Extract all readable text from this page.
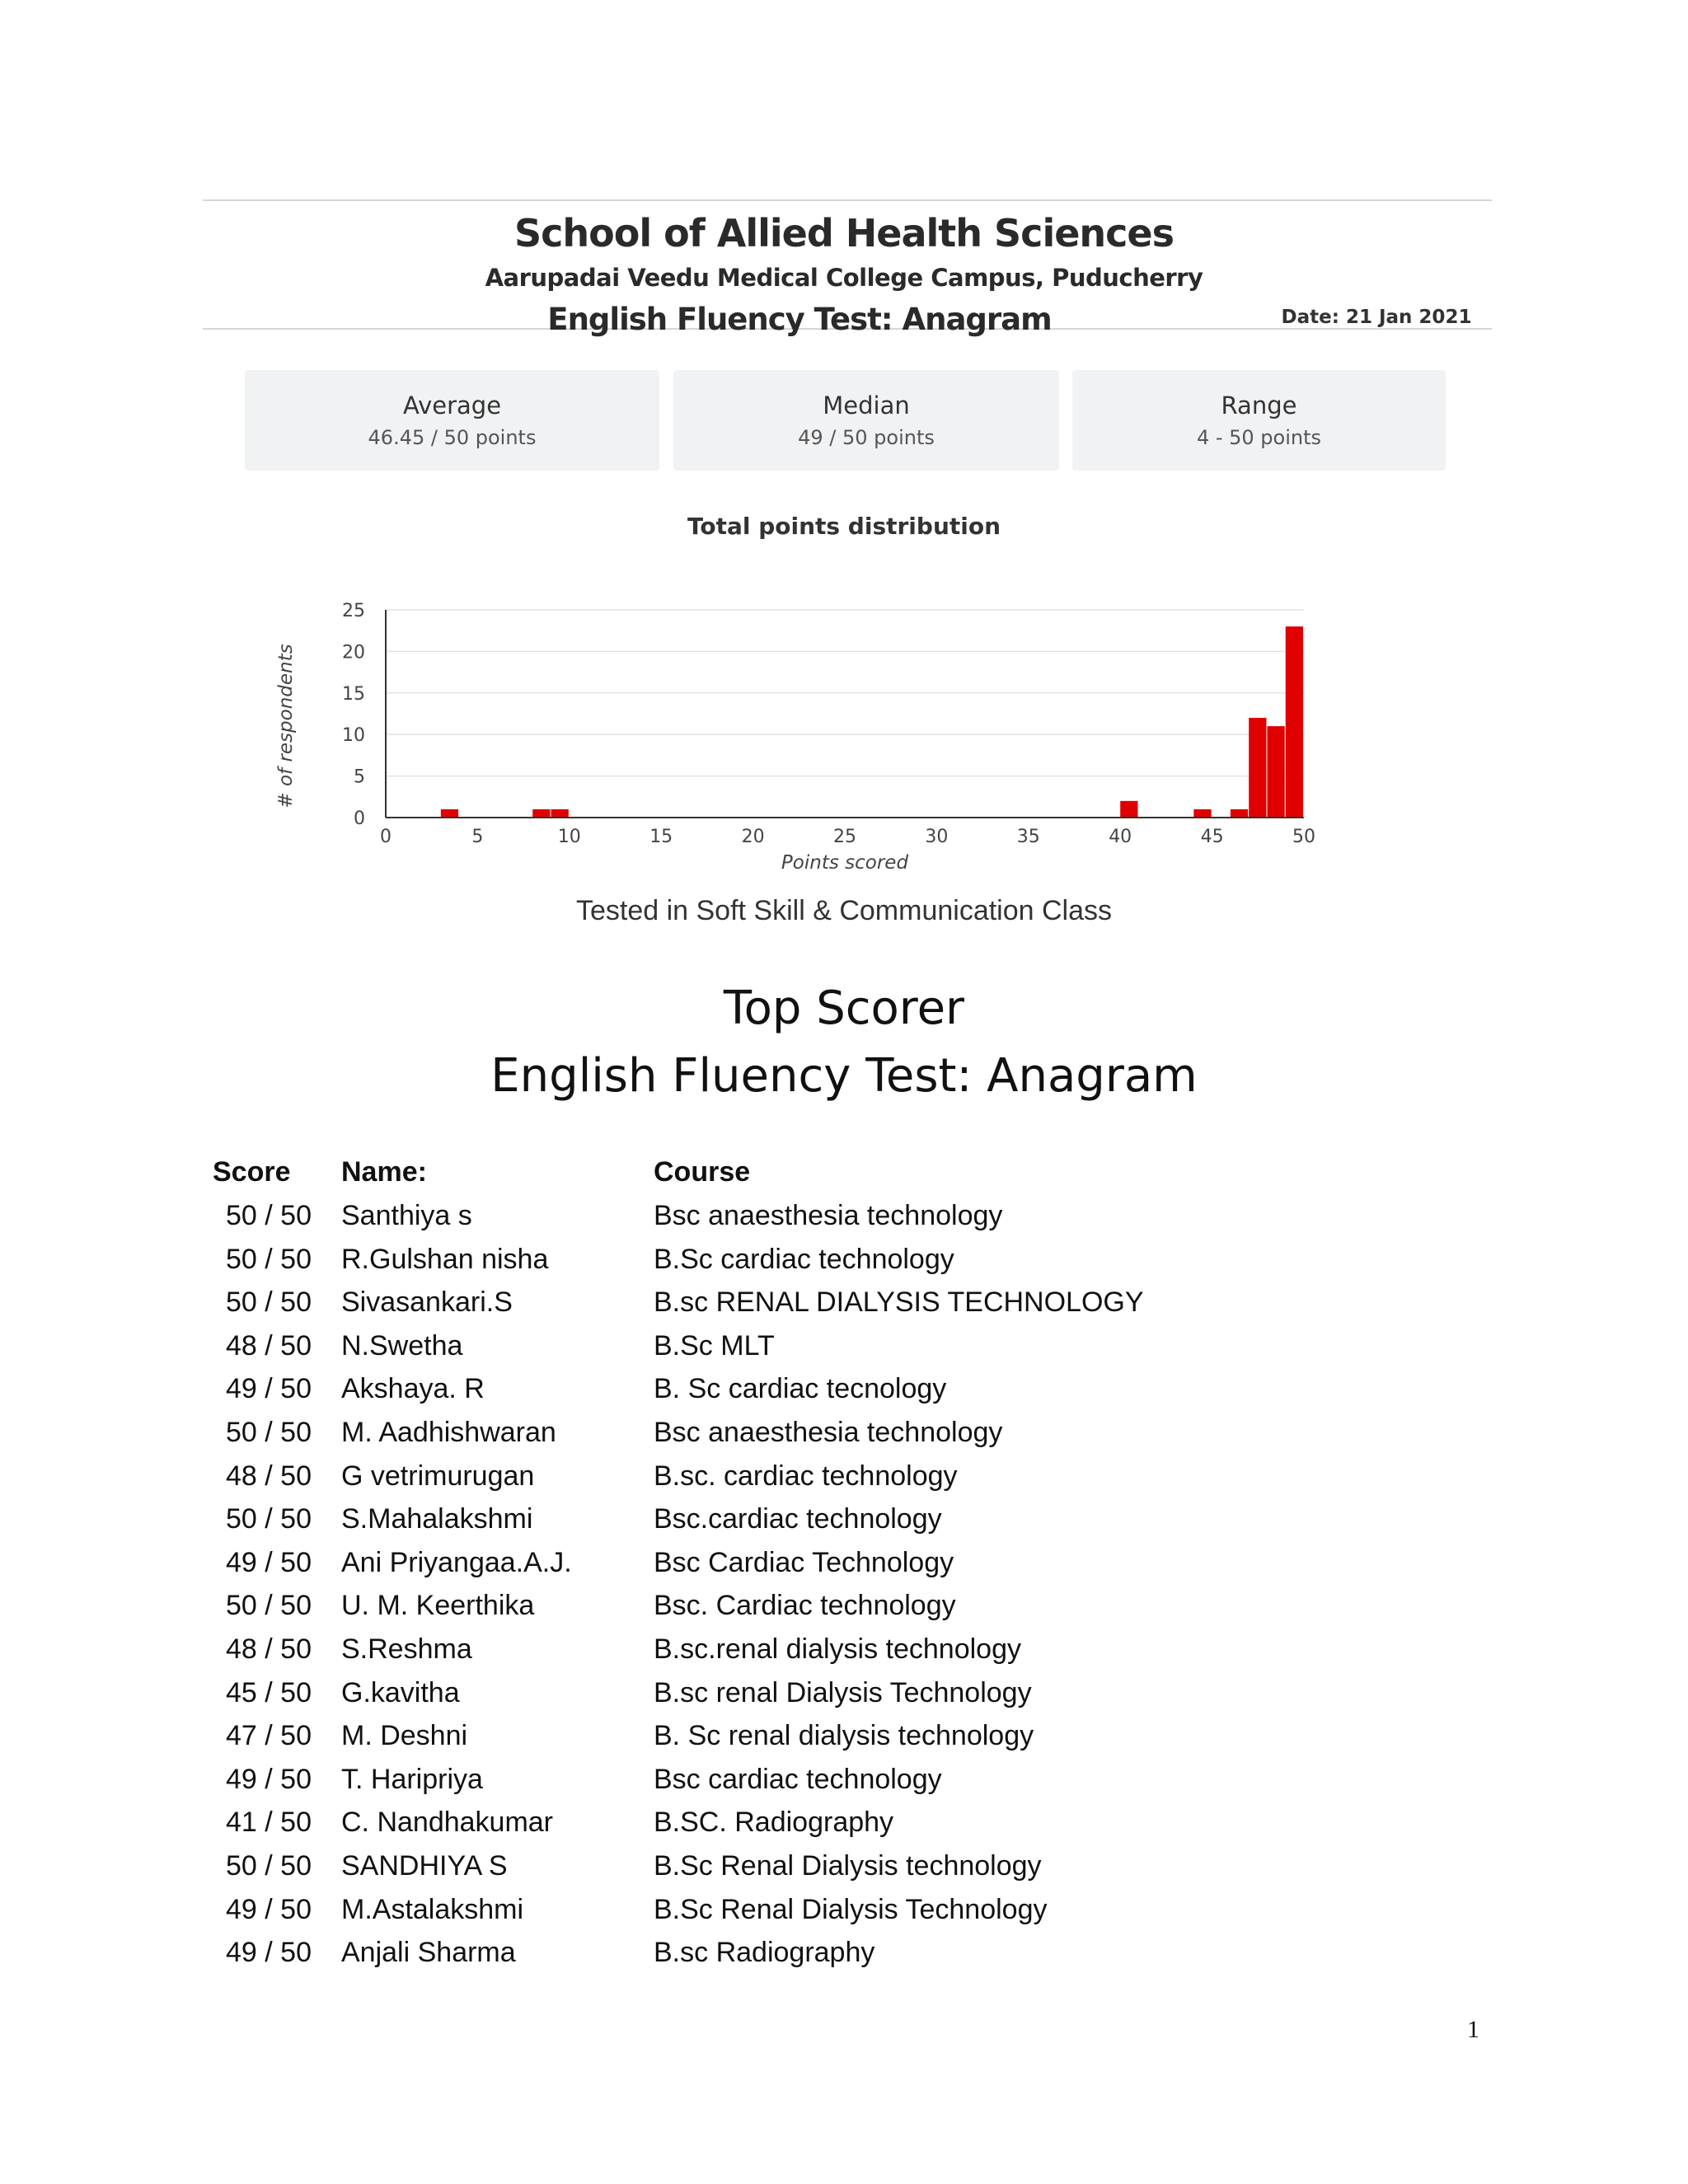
School of Allied Health Sciences
Aarupadai Veedu Medical College Campus, Puducherry
English Fluency Test: Anagram	Date: 21 Jan 2021
Average
46.45 / 50 points
Median
49 / 50 points
Range
4 - 50 points
Total points distribution
0
5
10
15
20
25
0	5	10	15	20	25	30	35	40	45	50
Points scored
# of respondents
Tested in Soft Skill & Communication Class
Top Scorer
English Fluency Test: Anagram
Score Name:	Course
50 / 50 Santhiya s	Bsc anaesthesia technology
50 / 50 R.Gulshan nisha	B.Sc cardiac technology
50 / 50 Sivasankari.S	B.sc RENAL DIALYSIS TECHNOLOGY
48 / 50 N.Swetha	B.Sc MLT
49 / 50 Akshaya. R	B. Sc cardiac tecnology
50 / 50 M. Aadhishwaran	Bsc anaesthesia technology
48 / 50 G vetrimurugan	B.sc. cardiac technology
50 / 50 S.Mahalakshmi	Bsc.cardiac technology
49 / 50 Ani Priyangaa.A.J.	Bsc Cardiac Technology
50 / 50 U. M. Keerthika	Bsc. Cardiac technology
48 / 50 S.Reshma	B.sc.renal dialysis technology
45 / 50 G.kavitha	B.sc renal Dialysis Technology
47 / 50 M. Deshni	B. Sc renal dialysis technology
49 / 50 T. Haripriya	Bsc cardiac technology
41 / 50 C. Nandhakumar	B.SC. Radiography
50 / 50 SANDHIYA S	B.Sc Renal Dialysis technology
49 / 50 M.Astalakshmi	B.Sc Renal Dialysis Technology
49 / 50 Anjali Sharma	B.sc Radiography
1
